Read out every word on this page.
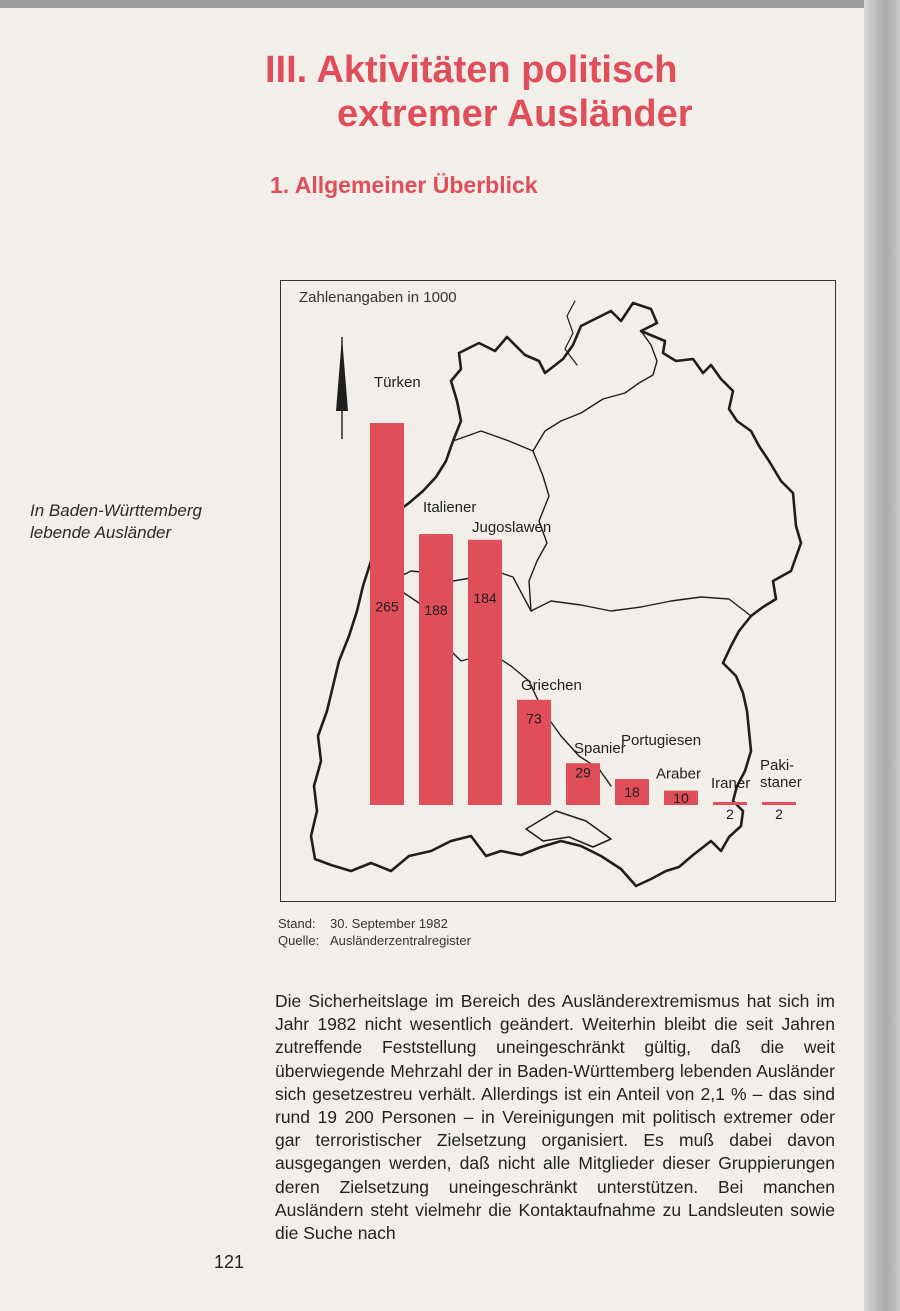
III. Aktivitäten politisch
extremer Ausländer
1. Allgemeiner Überblick
In Baden-Württemberg lebende Ausländer
265
Türken
188
Italiener
184
Jugoslawen
73
Griechen
29
Spanier
18
Portugiesen
10
Araber
2
Iraner
2
Paki-staner
Zahlenangaben in 1000
Stand: 30. September 1982
Quelle: Ausländerzentralregister

Die Sicherheitslage im Bereich des Ausländerextremismus hat sich im Jahr 1982 nicht wesentlich geändert. Weiterhin bleibt die seit Jahren zutreffende Feststellung uneingeschränkt gültig, daß die weit überwiegende Mehrzahl der in Baden-Württemberg lebenden Ausländer sich gesetzestreu verhält. Allerdings ist ein Anteil von 2,1 % – das sind rund 19 200 Personen – in Vereinigungen mit politisch extremer oder gar terroristischer Zielsetzung organisiert. Es muß dabei davon ausgegangen werden, daß nicht alle Mitglieder dieser Gruppierungen deren Zielsetzung uneingeschränkt unterstützen. Bei manchen Ausländern steht vielmehr die Kontaktaufnahme zu Landsleuten sowie die Suche nach

121
